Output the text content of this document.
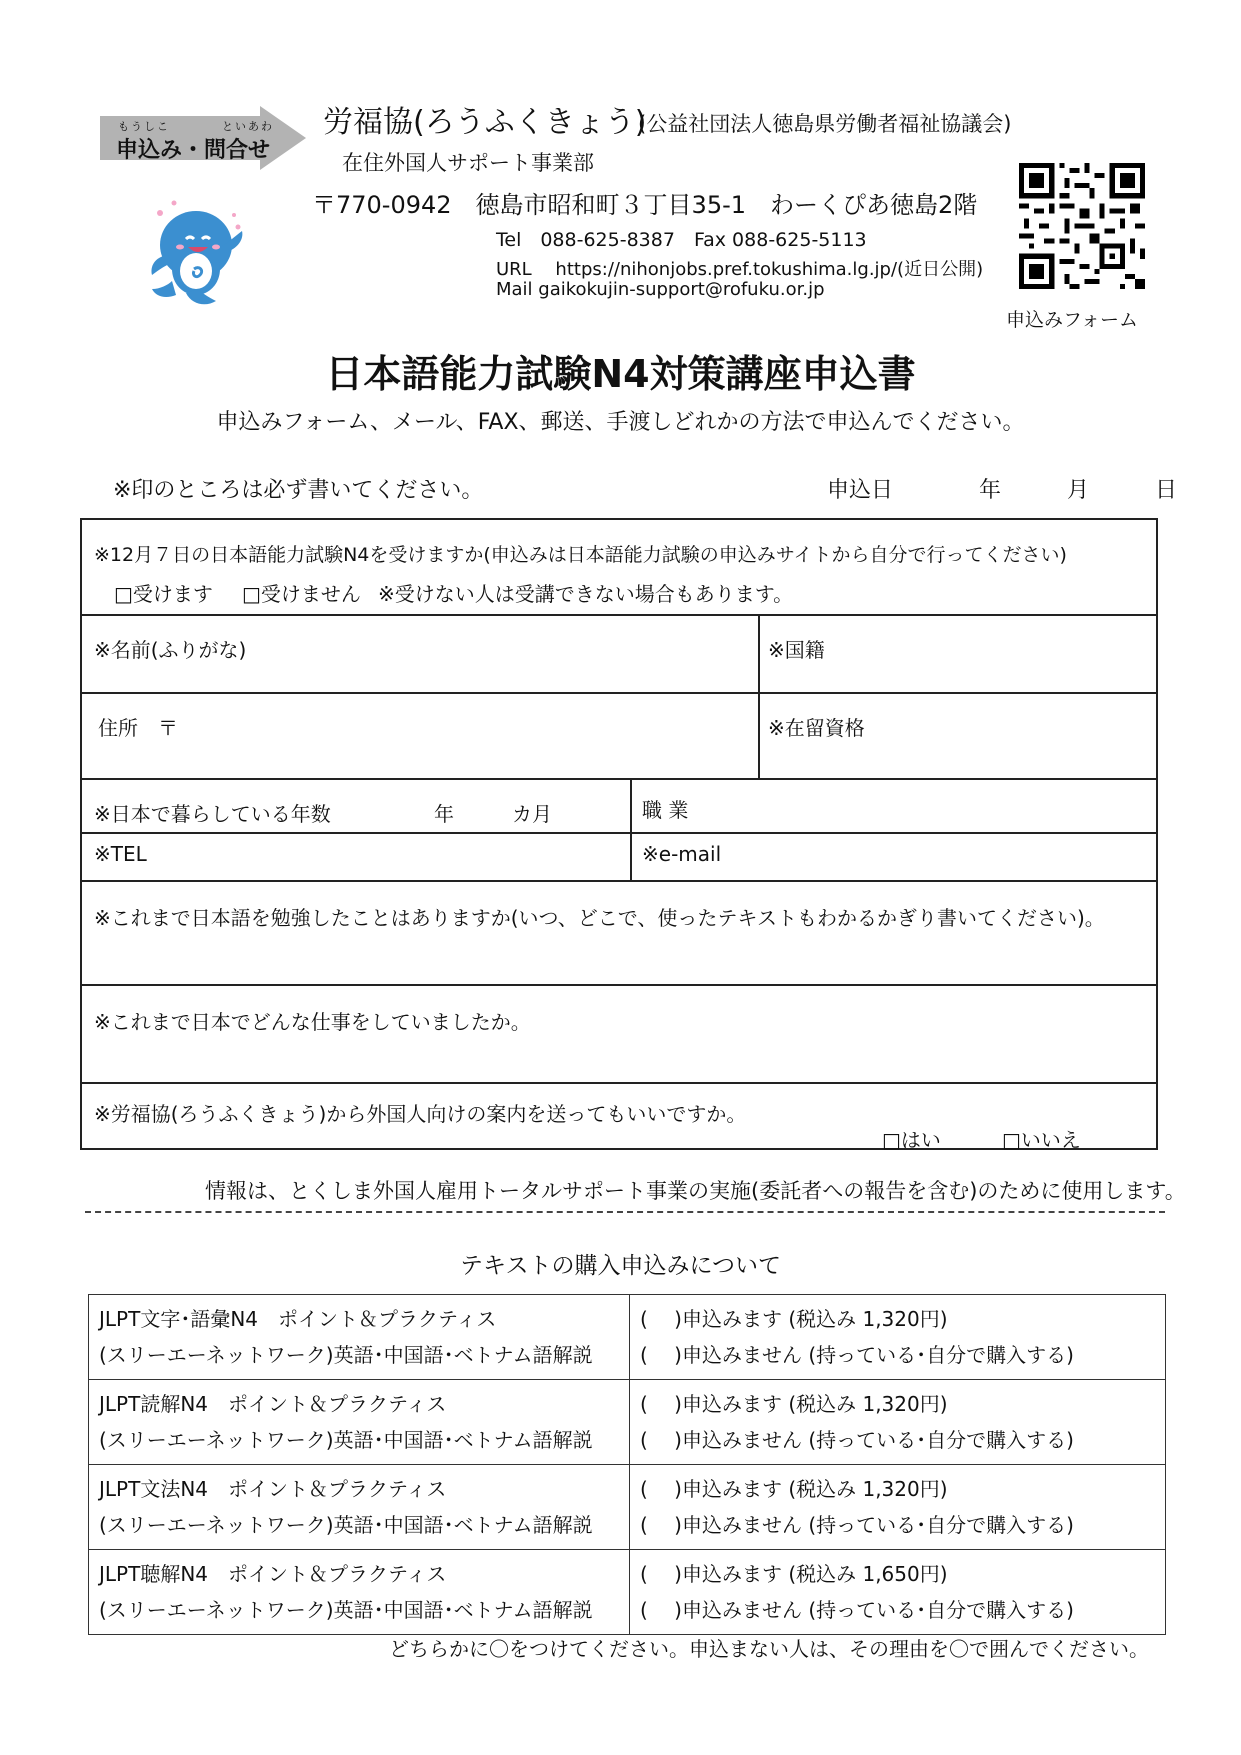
もうしこ　　　　といあわ
申込み・問合せ
労福協(ろうふくきょう)
(公益社団法人徳島県労働者福祉協議会)
在住外国人サポート事業部
〒770-0942　徳島市昭和町３丁目35-1　わーくぴあ徳島2階
Tel　088-625-8387　Fax 088-625-5113
URL　 https://nihonjobs.pref.tokushima.lg.jp/(近日公開)
Mail gaikokujin-support@rofuku.or.jp
申込みフォーム
日本語能力試験N4対策講座申込書
申込みフォーム、メール、FAX、郵送、手渡しどれかの方法で申込んでください。
※印のところは必ず書いてください。	申込日	年	月	日
※12月７日の日本語能力試験N4を受けますか(申込みは日本語能力試験の申込みサイトから自分で行ってください)
□受けます □受けません ※受けない人は受講できない場合もあります。
※名前(ふりがな)	※国籍
住所　〒	※在留資格
※日本で暮らしている年数	年	カ月	職 業
※TEL	※e-mail
※これまで日本語を勉強したことはありますか(いつ、どこで、使ったテキストもわかるかぎり書いてください)。
※これまで日本でどんな仕事をしていましたか。
※労福協(ろうふくきょう)から外国人向けの案内を送ってもいいですか。
□はい	□いいえ
情報は、とくしま外国人雇用トータルサポート事業の実施(委託者への報告を含む)のために使用します。
テキストの購入申込みについて
JLPT文字･語彙N4　ポイント＆プラクティス
(スリーエーネットワーク)英語･中国語･ベトナム語解説	(　 )申込みます (税込み 1,320円)
(　 )申込みません (持っている･自分で購入する)

JLPT読解N4　ポイント＆プラクティス
(スリーエーネットワーク)英語･中国語･ベトナム語解説	(　 )申込みます (税込み 1,320円)
(　 )申込みません (持っている･自分で購入する)

JLPT文法N4　ポイント＆プラクティス
(スリーエーネットワーク)英語･中国語･ベトナム語解説	(　 )申込みます (税込み 1,320円)
(　 )申込みません (持っている･自分で購入する)

JLPT聴解N4　ポイント＆プラクティス
(スリーエーネットワーク)英語･中国語･ベトナム語解説	(　 )申込みます (税込み 1,650円)
(　 )申込みません (持っている･自分で購入する)
どちらかに〇をつけてください。申込まない人は、その理由を〇で囲んでください。
